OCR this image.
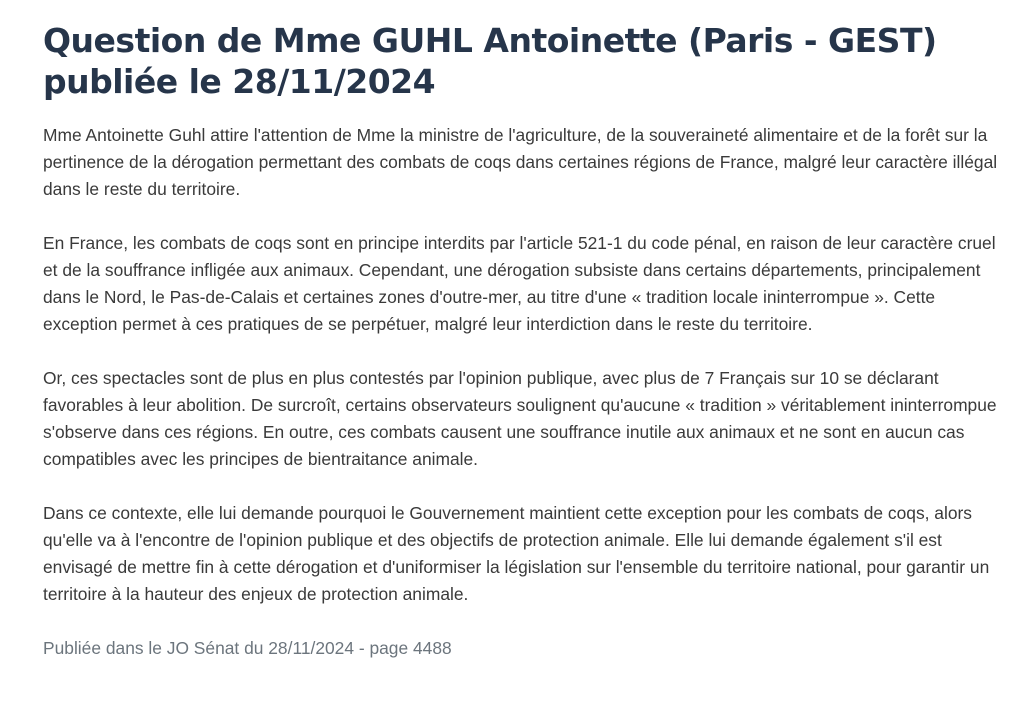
Question de Mme GUHL Antoinette (Paris - GEST) publiée le 28/11/2024

Mme Antoinette Guhl attire l'attention de Mme la ministre de l'agriculture, de la souveraineté alimentaire et de la forêt sur la pertinence de la dérogation permettant des combats de coqs dans certaines régions de France, malgré leur caractère illégal dans le reste du territoire.

En France, les combats de coqs sont en principe interdits par l'article 521-1 du code pénal, en raison de leur caractère cruel et de la souffrance infligée aux animaux. Cependant, une dérogation subsiste dans certains départements, principalement dans le Nord, le Pas-de-Calais et certaines zones d'outre-mer, au titre d'une « tradition locale ininterrompue ». Cette exception permet à ces pratiques de se perpétuer, malgré leur interdiction dans le reste du territoire.

Or, ces spectacles sont de plus en plus contestés par l'opinion publique, avec plus de 7 Français sur 10 se déclarant favorables à leur abolition. De surcroît, certains observateurs soulignent qu'aucune « tradition » véritablement ininterrompue s'observe dans ces régions. En outre, ces combats causent une souffrance inutile aux animaux et ne sont en aucun cas compatibles avec les principes de bientraitance animale.

Dans ce contexte, elle lui demande pourquoi le Gouvernement maintient cette exception pour les combats de coqs, alors qu'elle va à l'encontre de l'opinion publique et des objectifs de protection animale. Elle lui demande également s'il est envisagé de mettre fin à cette dérogation et d'uniformiser la législation sur l'ensemble du territoire national, pour garantir un territoire à la hauteur des enjeux de protection animale.

Publiée dans le JO Sénat du 28/11/2024 - page 4488
